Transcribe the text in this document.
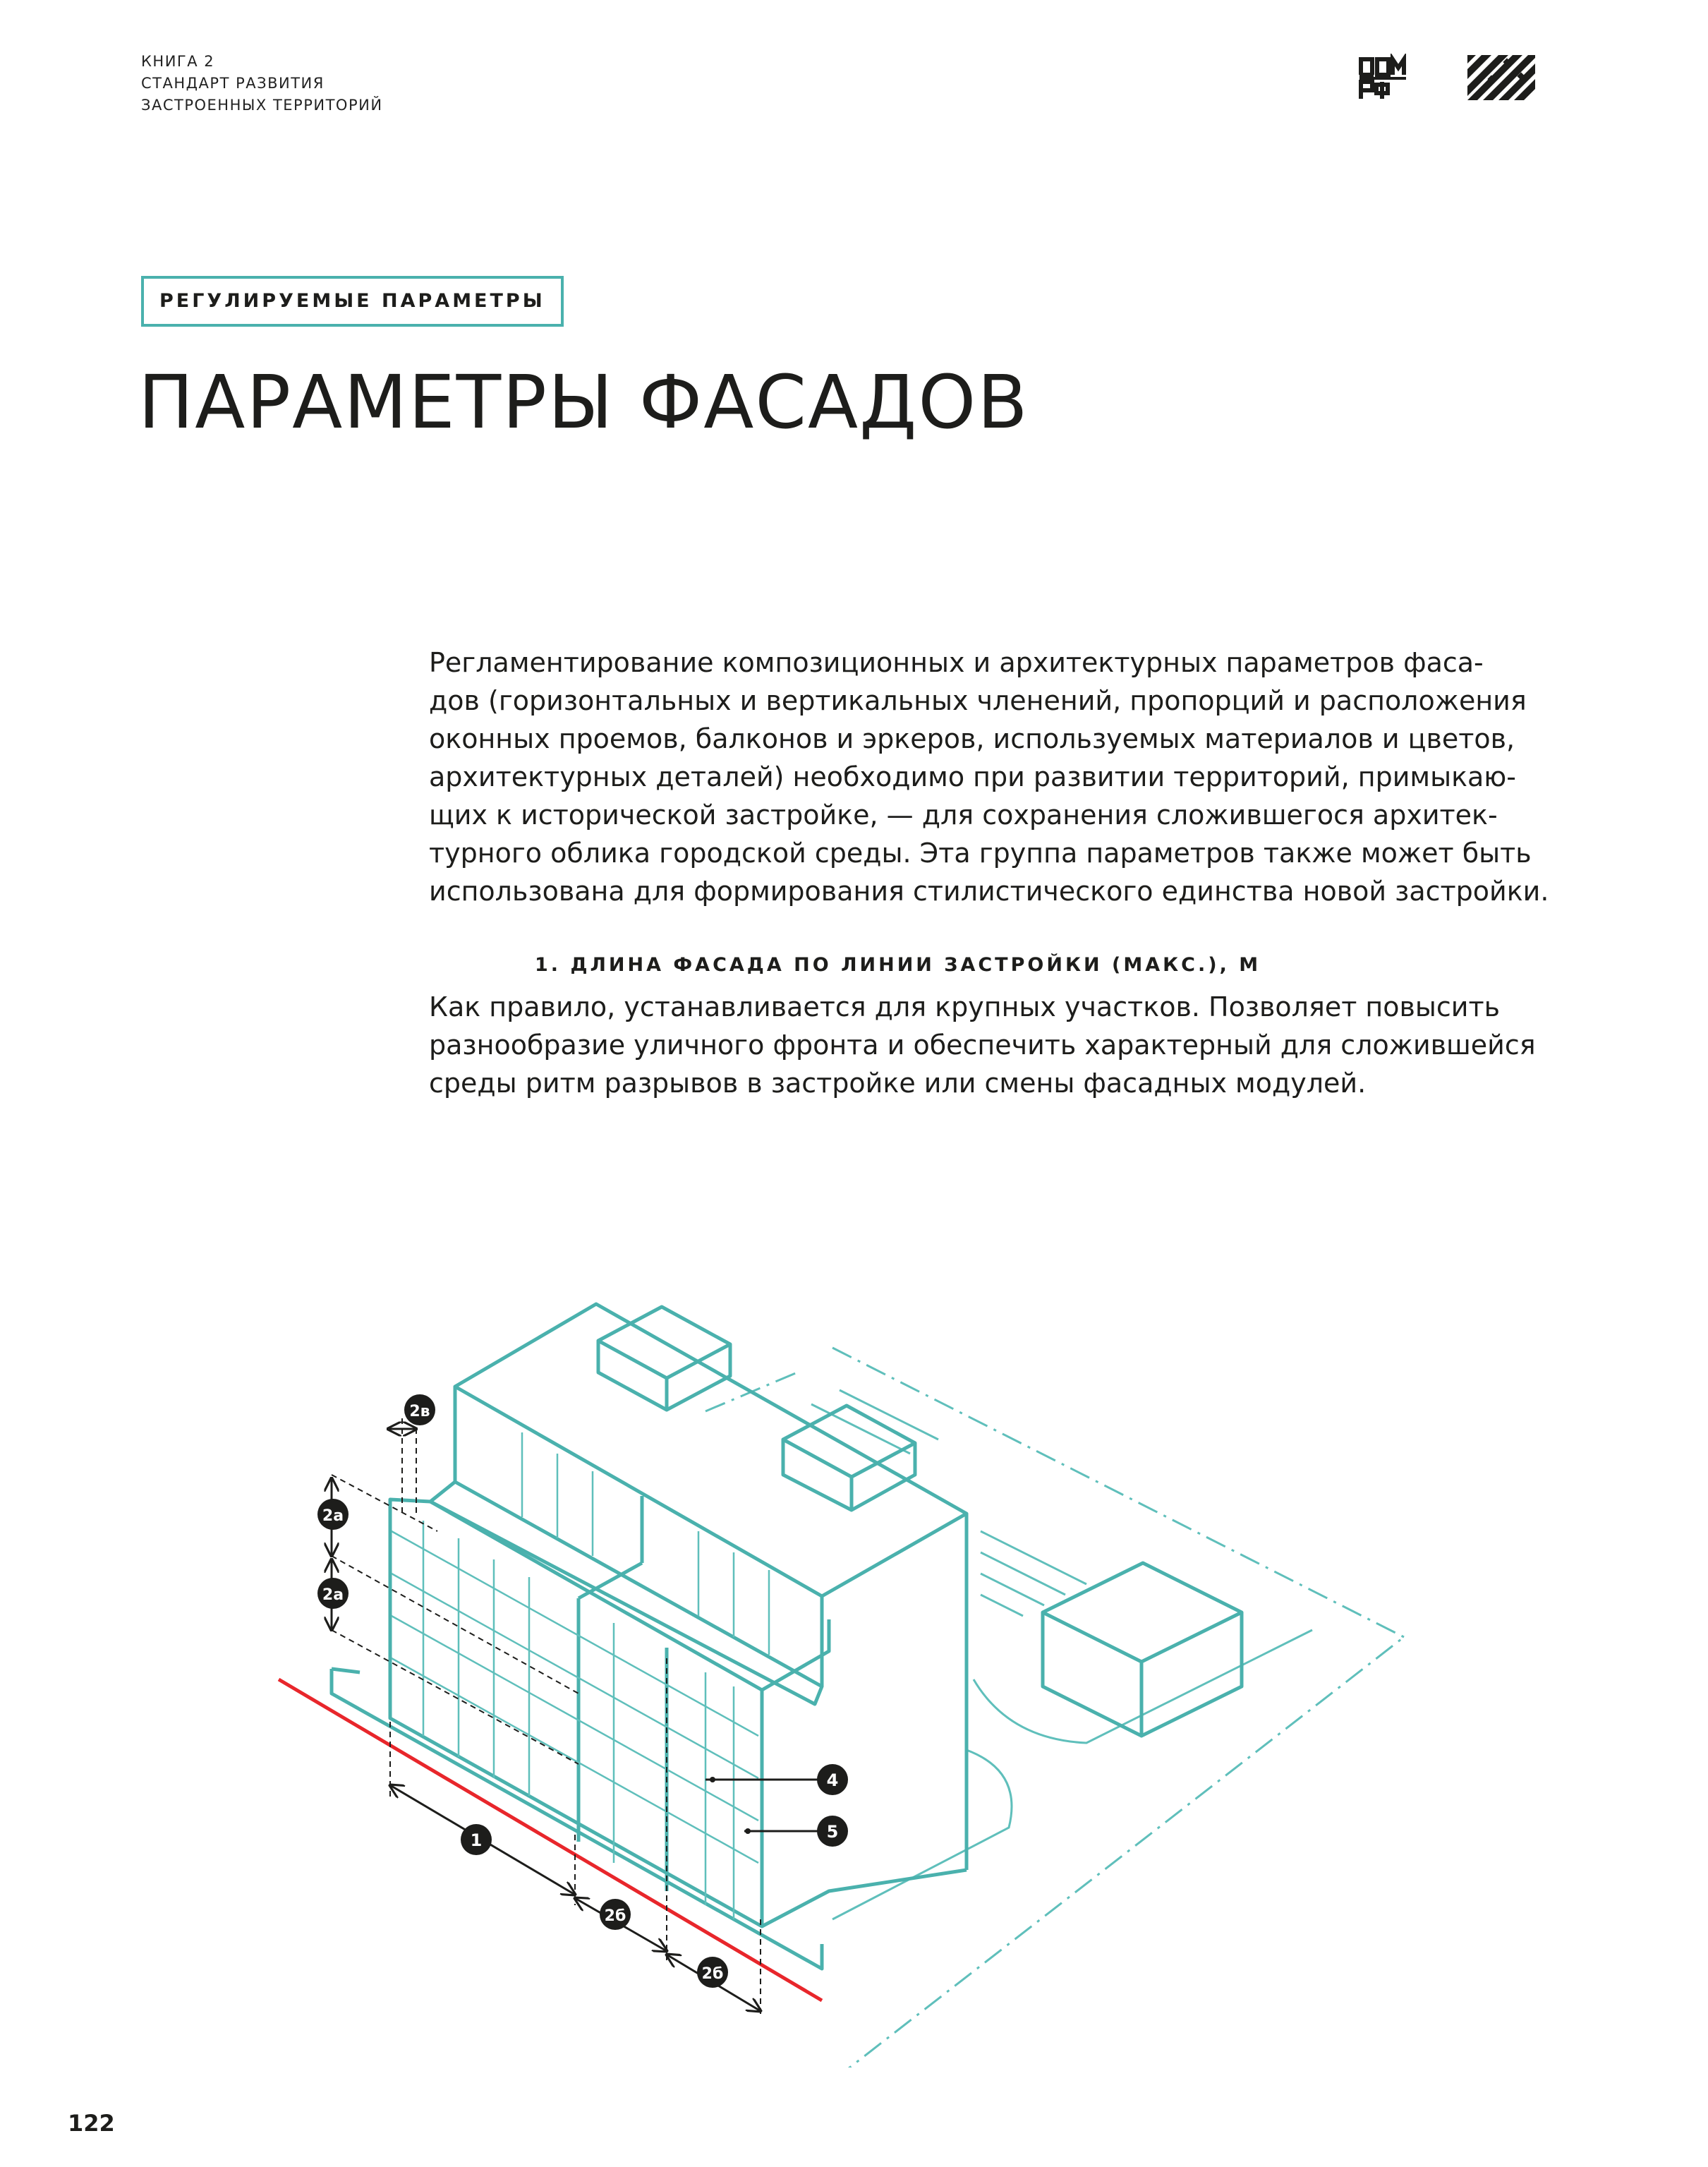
КНИГА 2
СТАНДАРТ РАЗВИТИЯ
ЗАСТРОЕННЫХ ТЕРРИТОРИЙ
РЕГУЛИРУЕМЫЕ ПАРАМЕТРЫ
ПАРАМЕТРЫ ФАСАДОВ
Регламентирование композиционных и архитектурных параметров фаса-
дов (горизонтальных и вертикальных членений, пропорций и расположения
оконных проемов, балконов и эркеров, используемых материалов и цветов,
архитектурных деталей) необходимо при развитии территорий, примыкаю-
щих к исторической застройке, — для сохранения сложившегося архитек-
турного облика городской среды. Эта группа параметров также может быть
использована для формирования стилистического единства новой застройки.
1. ДЛИНА ФАСАДА ПО ЛИНИИ ЗАСТРОЙКИ (МАКС.), М
Как правило, устанавливается для крупных участков. Позволяет повысить
разнообразие уличного фронта и обеспечить характерный для сложившейся
среды ритм разрывов в застройке или смены фасадных модулей.
1
2а
2а
2в
2б
2б
4
5
122
